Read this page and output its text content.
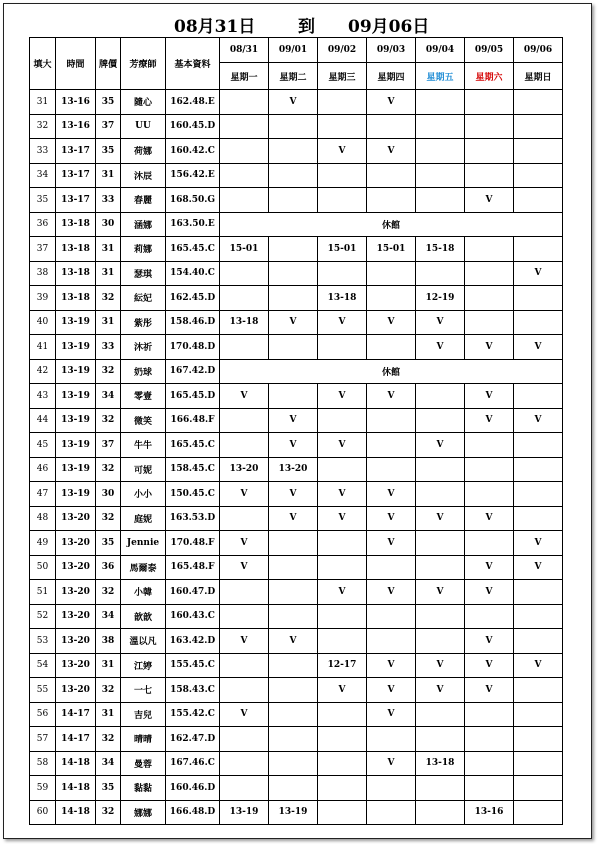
08月31日	到 09月06日
填大	時間	牌價	芳療師	基本資料	08/31	09/01	09/02	09/03	09/04	09/05	09/06
					星期一	星期二	星期三	星期四	星期五	星期六	星期日
31	13-16	35	隨心	162.48.E		V		V			
32	13-16	37	UU	160.45.D							
33	13-17	35	荷娜	160.42.C			V	V			
34	13-17	31	沐辰	156.42.E							
35	13-17	33	春麗	168.50.G						V	
36	13-18	30	涵娜	163.50.E	休館						
37	13-18	31	莉娜	165.45.C	15-01		15-01	15-01	15-18		
38	13-18	31	瑟琪	154.40.C							V
39	13-18	32	紜妃	162.45.D			13-18		12-19		
40	13-19	31	紫彤	158.46.D	13-18	V	V	V	V		
41	13-19	33	沐祈	170.48.D					V	V	V
42	13-19	32	奶球	167.42.D	休館						
43	13-19	34	零壹	165.45.D	V		V	V		V	
44	13-19	32	微笑	166.48.F		V				V	V
45	13-19	37	牛牛	165.45.C		V	V		V		
46	13-19	32	可妮	158.45.C	13-20	13-20					
47	13-19	30	小小	150.45.C	V	V	V	V			
48	13-20	32	庭妮	163.53.D		V	V	V	V	V	
49	13-20	35	Jennie	170.48.F	V			V			V
50	13-20	36	馬爾泰	165.48.F	V					V	V
51	13-20	32	小韓	160.47.D			V	V	V	V	
52	13-20	34	歆歆	160.43.C							
53	13-20	38	溫以凡	163.42.D	V	V				V	
54	13-20	31	江婷	155.45.C			12-17	V	V	V	V
55	13-20	32	一七	158.43.C			V	V	V	V	
56	14-17	31	吉兒	155.42.C	V			V			
57	14-17	32	晴晴	162.47.D							
58	14-18	34	曼蓉	167.46.C				V	13-18		
59	14-18	35	黏黏	160.46.D							
60	14-18	32	娜娜	166.48.D	13-19	13-19				13-16	
